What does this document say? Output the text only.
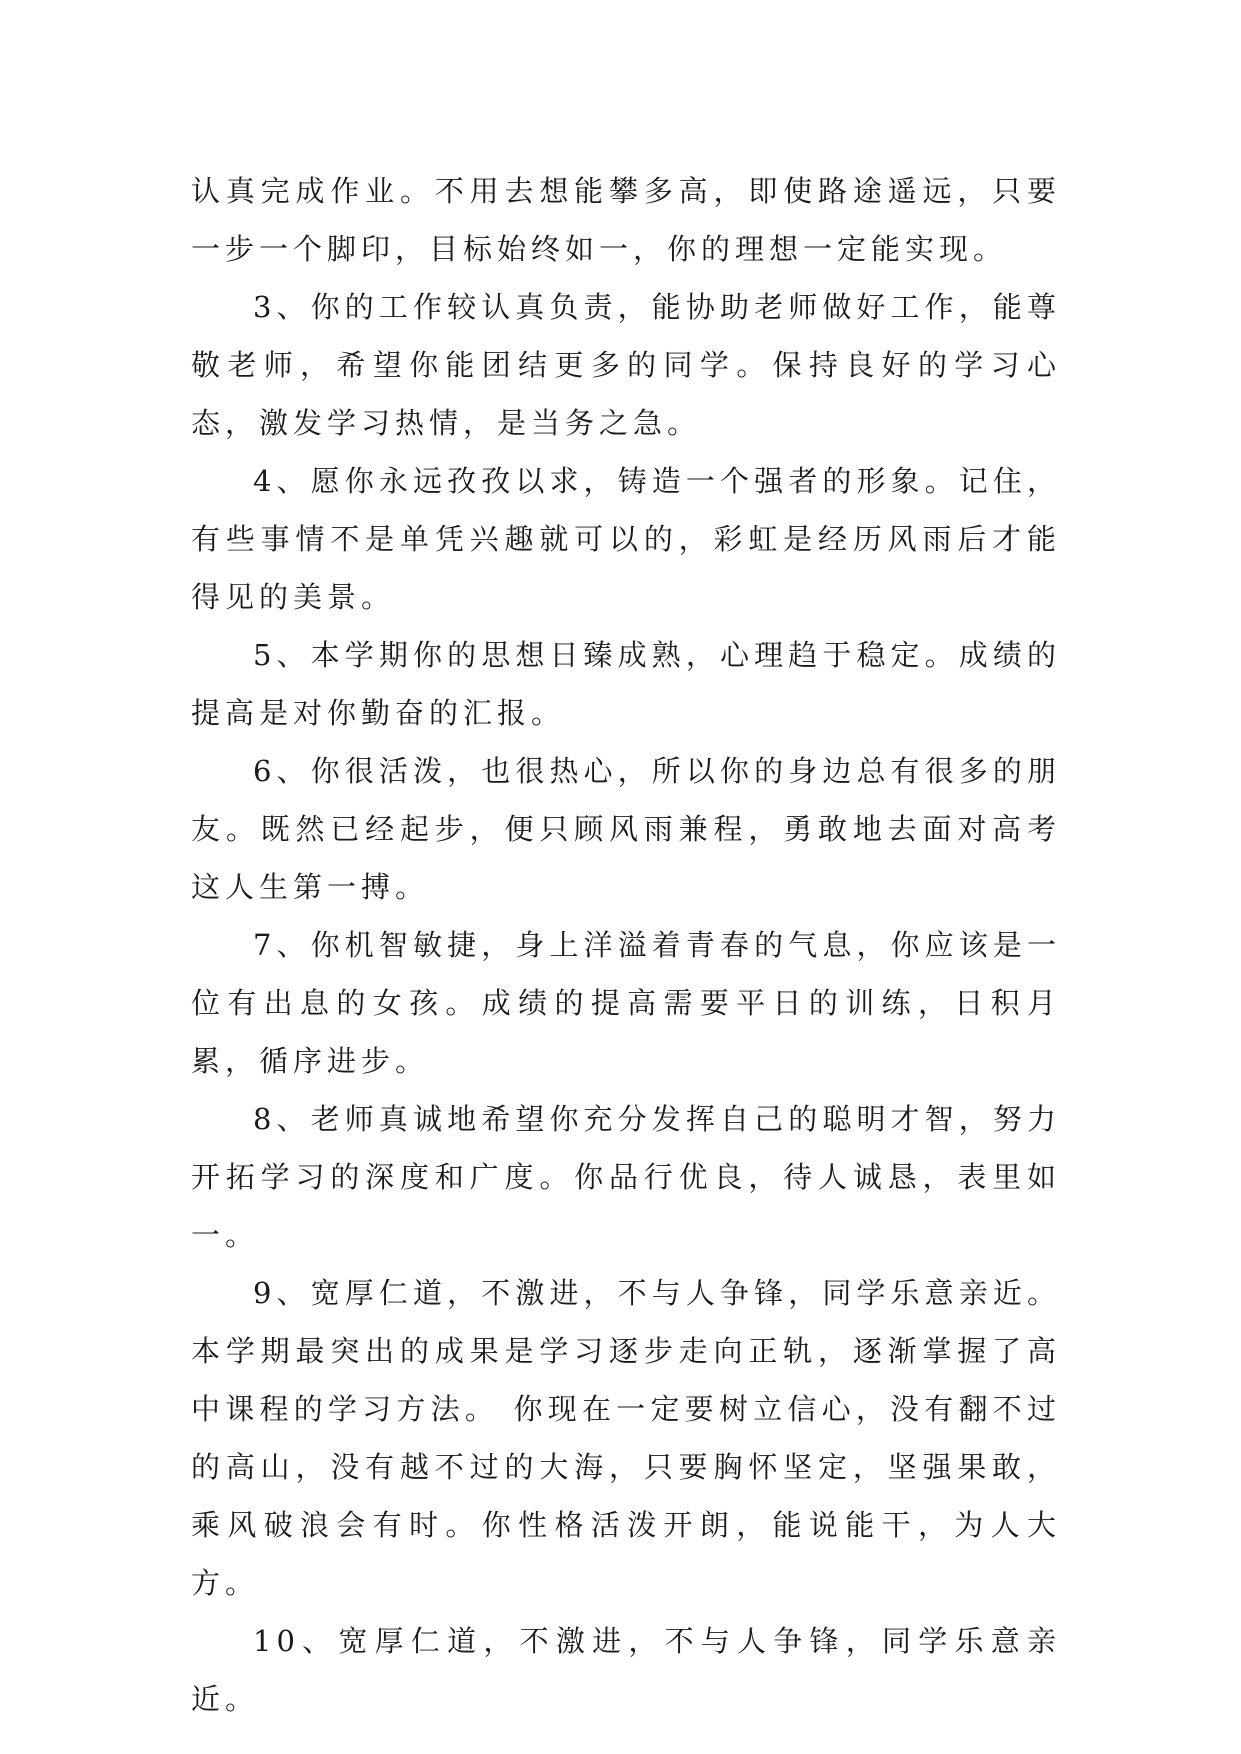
认真完成作业。不用去想能攀多高，即使路途遥远，只要一步一个脚印，目标始终如一，你的理想一定能实现。

3、你的工作较认真负责，能协助老师做好工作，能尊敬老师，希望你能团结更多的同学。保持良好的学习心态，激发学习热情，是当务之急。

4、愿你永远孜孜以求，铸造一个强者的形象。记住，有些事情不是单凭兴趣就可以的，彩虹是经历风雨后才能得见的美景。

5、本学期你的思想日臻成熟，心理趋于稳定。成绩的提高是对你勤奋的汇报。

6、你很活泼，也很热心，所以你的身边总有很多的朋友。既然已经起步，便只顾风雨兼程，勇敢地去面对高考这人生第一搏。

7、你机智敏捷，身上洋溢着青春的气息，你应该是一位有出息的女孩。成绩的提高需要平日的训练，日积月累，循序进步。

8、老师真诚地希望你充分发挥自己的聪明才智，努力开拓学习的深度和广度。你品行优良，待人诚恳，表里如一。

9、宽厚仁道，不激进，不与人争锋，同学乐意亲近。本学期最突出的成果是学习逐步走向正轨，逐渐掌握了高中课程的学习方法。 你现在一定要树立信心，没有翻不过的高山，没有越不过的大海，只要胸怀坚定，坚强果敢，乘风破浪会有时。你性格活泼开朗，能说能干，为人大方。

10、宽厚仁道，不激进，不与人争锋，同学乐意亲近。
